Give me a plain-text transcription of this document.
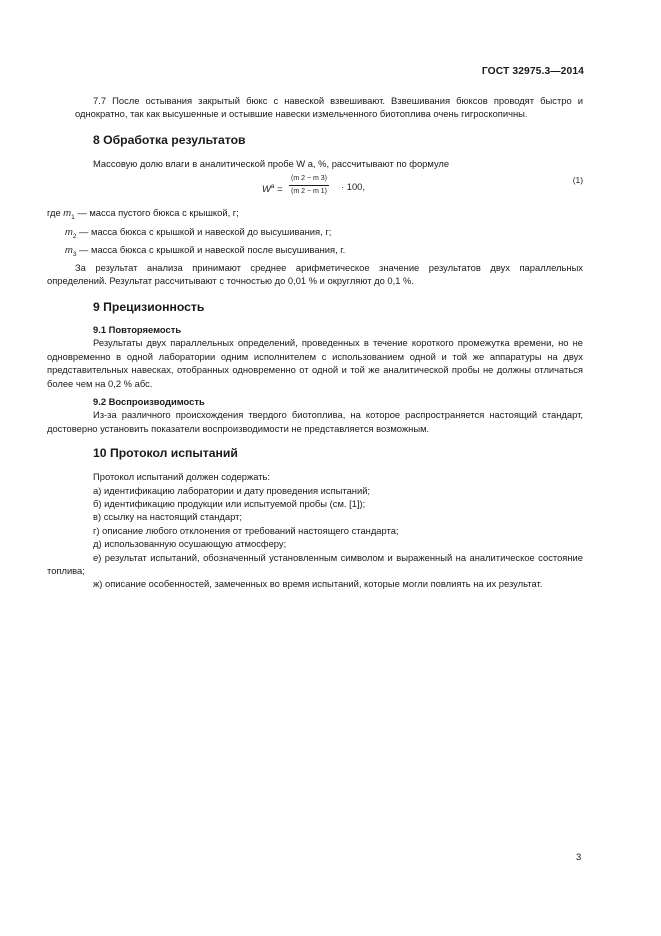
ГОСТ 32975.3—2014

7.7 После остывания закрытый бюкс с навеской взвешивают. Взвешивания бюксов проводят быстро и однократно, так как высушенные и остывшие навески измельченного биотоплива очень гигроскопичны.

8 Обработка результатов

Массовую долю влаги в аналитической пробе W a, %, рассчитывают по формуле

$W^a = \frac{(m 2 - m 3)}{(m 2 - m 1)} \cdot 100$,
(1)
где $m_1$ — масса пустого бюкса с крышкой, г;
$m_2$ — масса бюкса с крышкой и навеской до высушивания, г;
$m_3$ — масса бюкса с крышкой и навеской после высушивания, г.

За результат анализа принимают среднее арифметическое значение результатов двух параллельных определений. Результат рассчитывают с точностью до 0,01 % и округляют до 0,1 %.

9 Прецизионность
9.1 Повторяемость

Результаты двух параллельных определений, проведенных в течение короткого промежутка времени, но не одновременно в одной лаборатории одним исполнителем с использованием одной и той же аппаратуры на двух представительных навесках, отобранных одновременно от одной и той же аналитической пробы не должны отличаться более чем на 0,2 % абс.

9.2 Воспроизводимость

Из-за различного происхождения твердого биотоплива, на которое распространяется настоящий стандарт, достоверно установить показатели воспроизводимости не представляется возможным.

10 Протокол испытаний

Протокол испытаний должен содержать:

а) идентификацию лаборатории и дату проведения испытаний;
б) идентификацию продукции или испытуемой пробы (см. [1]);
в) ссылку на настоящий стандарт;
г) описание любого отклонения от требований настоящего стандарта;
д) использованную осушающую атмосферу;
е) результат испытаний, обозначенный установленным символом и выраженный на аналитическое состояние топлива;
ж) описание особенностей, замеченных во время испытаний, которые могли повлиять на их результат.
3
